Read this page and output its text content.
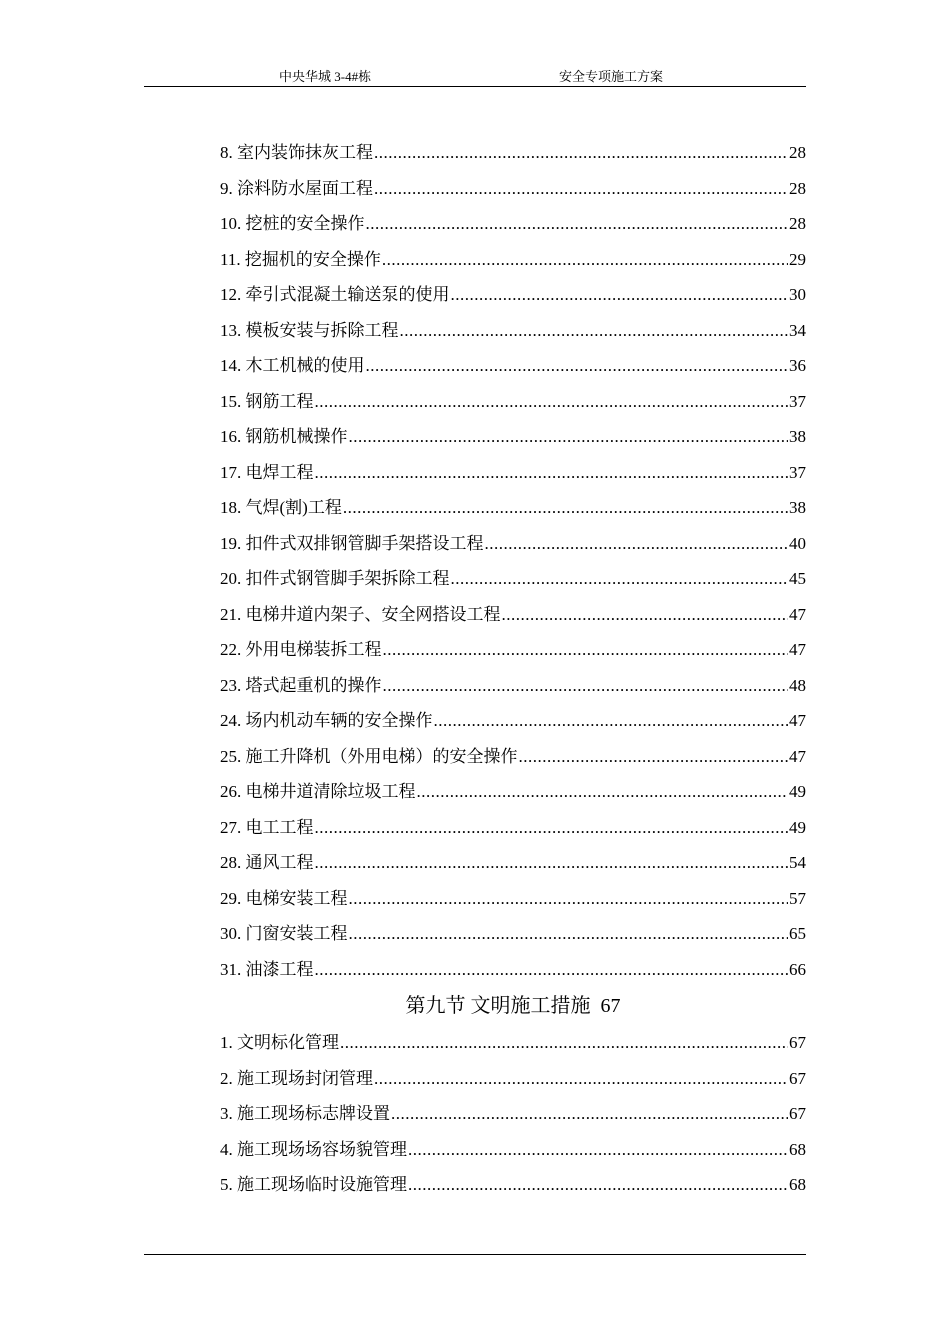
中央华城 3-4#栋	安全专项施工方案
8. 室内装饰抹灰工程 .....	28
9. 涂料防水屋面工程 .....	28
10. 挖桩的安全操作 .....	28
11. 挖掘机的安全操作 .....	29
12. 牵引式混凝土输送泵的使用 .....	30
13. 模板安装与拆除工程 .....	34
14. 木工机械的使用 .....	36
15. 钢筋工程 .....	37
16. 钢筋机械操作 .....	38
17. 电焊工程 .....	37
18. 气焊(割)工程 .....	38
19. 扣件式双排钢管脚手架搭设工程 .....	40
20. 扣件式钢管脚手架拆除工程 .....	45
21. 电梯井道内架子、安全网搭设工程 .....	47
22. 外用电梯装拆工程 .....	47
23. 塔式起重机的操作 .....	48
24. 场内机动车辆的安全操作 .....	47
25. 施工升降机（外用电梯）的安全操作 .....	47
26. 电梯井道清除垃圾工程 .....	49
27. 电工工程 .....	49
28. 通风工程 .....	54
29. 电梯安装工程 .....	57
30. 门窗安装工程 .....	65
31. 油漆工程 .....	66
第九节 文明施工措施 67
1. 文明标化管理 .....	67
2. 施工现场封闭管理 .....	67
3. 施工现场标志牌设置 .....	67
4. 施工现场场容场貌管理 .....	68
5. 施工现场临时设施管理 .....	68
